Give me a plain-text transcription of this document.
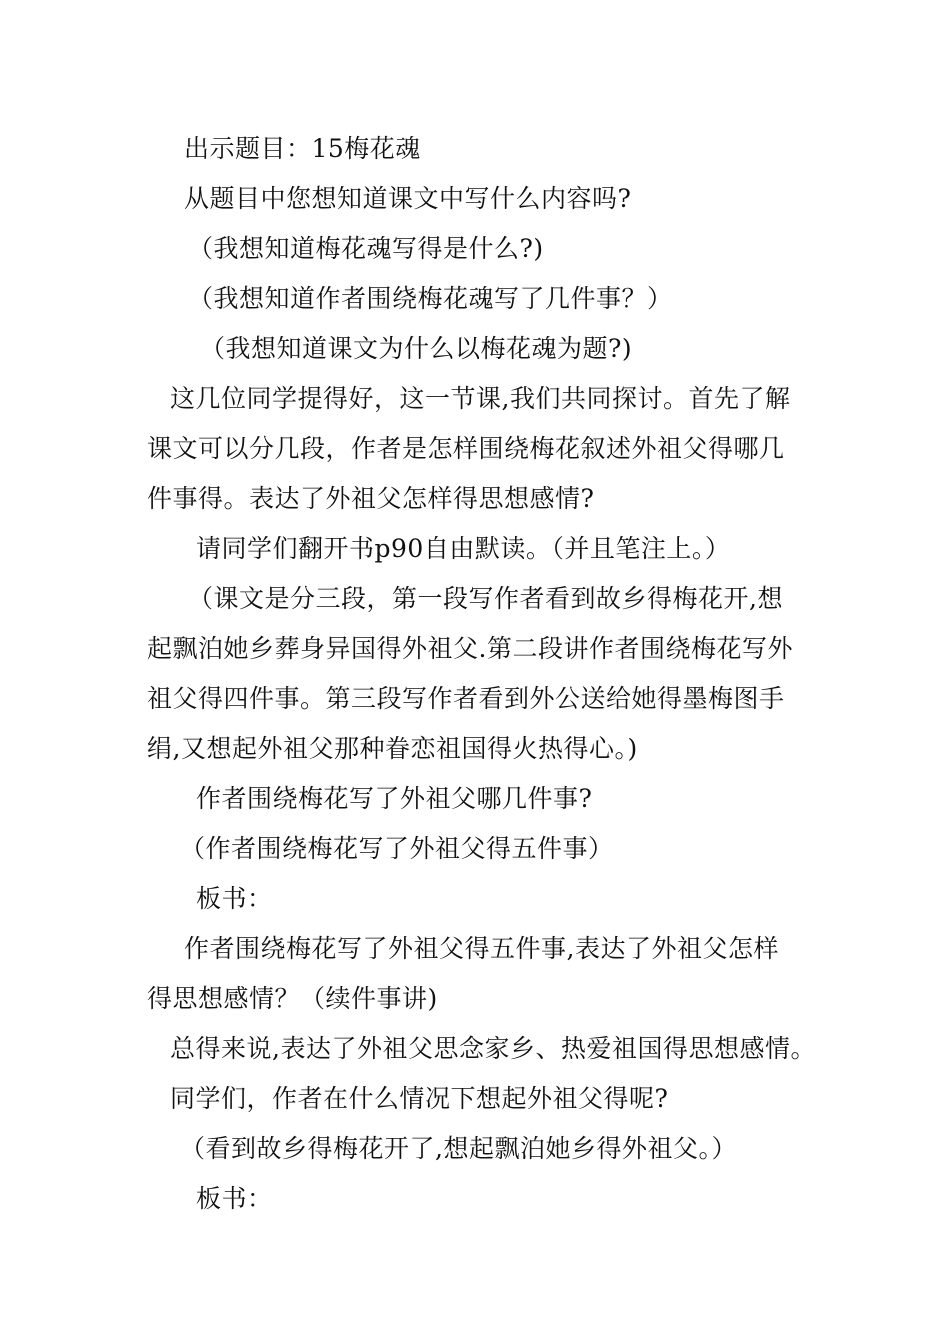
出示题目：15梅花魂

从题目中您想知道课文中写什么内容吗?

（我想知道梅花魂写得是什么?)

（我想知道作者围绕梅花魂写了几件事？）

（我想知道课文为什么以梅花魂为题?)

这几位同学提得好，这一节课,我们共同探讨。首先了解

课文可以分几段，作者是怎样围绕梅花叙述外祖父得哪几

件事得。表达了外祖父怎样得思想感情?

请同学们翻开书p90自由默读。（并且笔注上。）

（课文是分三段，第一段写作者看到故乡得梅花开,想

起飘泊她乡葬身异国得外祖父.第二段讲作者围绕梅花写外

祖父得四件事。第三段写作者看到外公送给她得墨梅图手

绢,又想起外祖父那种眷恋祖国得火热得心。)

作者围绕梅花写了外祖父哪几件事?

（作者围绕梅花写了外祖父得五件事）

板书：

作者围绕梅花写了外祖父得五件事,表达了外祖父怎样

得思想感情？（续件事讲)

总得来说,表达了外祖父思念家乡、热爱祖国得思想感情。

同学们，作者在什么情况下想起外祖父得呢?

（看到故乡得梅花开了,想起飘泊她乡得外祖父。）

板书：
